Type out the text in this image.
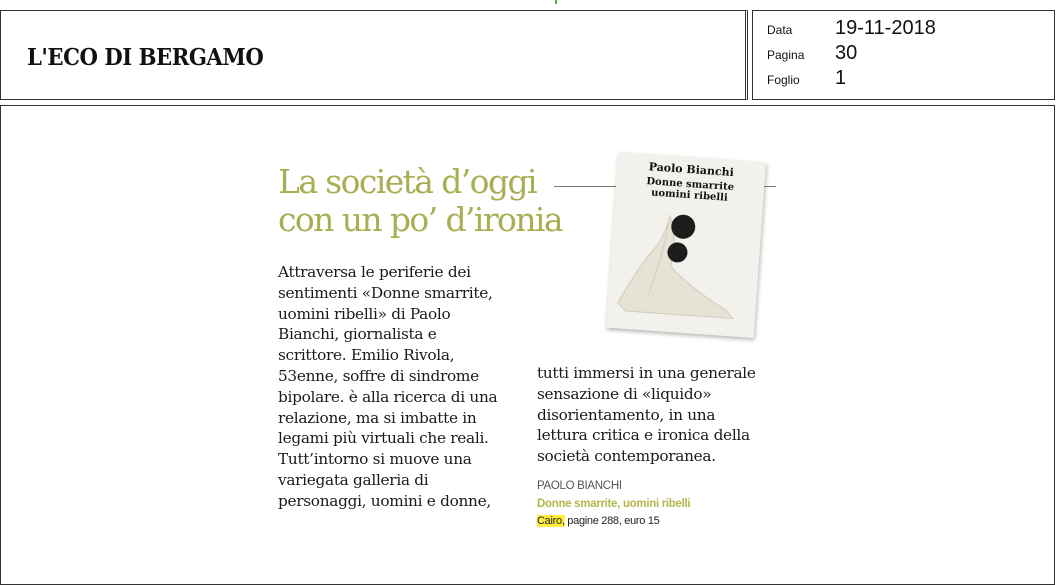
L'ECO DI BERGAMO
Data	19-11-2018
Pagina	30
Foglio	1
La società d’oggi
con un po’ d’ironia
Attraversa le periferie dei
sentimenti «Donne smarrite,
uomini ribelli» di Paolo
Bianchi, giornalista e
scrittore. Emilio Rivola,
53enne, soffre di sindrome
bipolare. è alla ricerca di una
relazione, ma si imbatte in
legami più virtuali che reali.
Tutt’intorno si muove una
variegata galleria di
personaggi, uomini e donne,
Paolo Bianchi
Donne smarrite
uomini ribelli
tutti immersi in una generale
sensazione di «liquido»
disorientamento, in una
lettura critica e ironica della
società contemporanea.
PAOLO BIANCHI
Donne smarrite, uomini ribelli
Cairo, pagine 288, euro 15
